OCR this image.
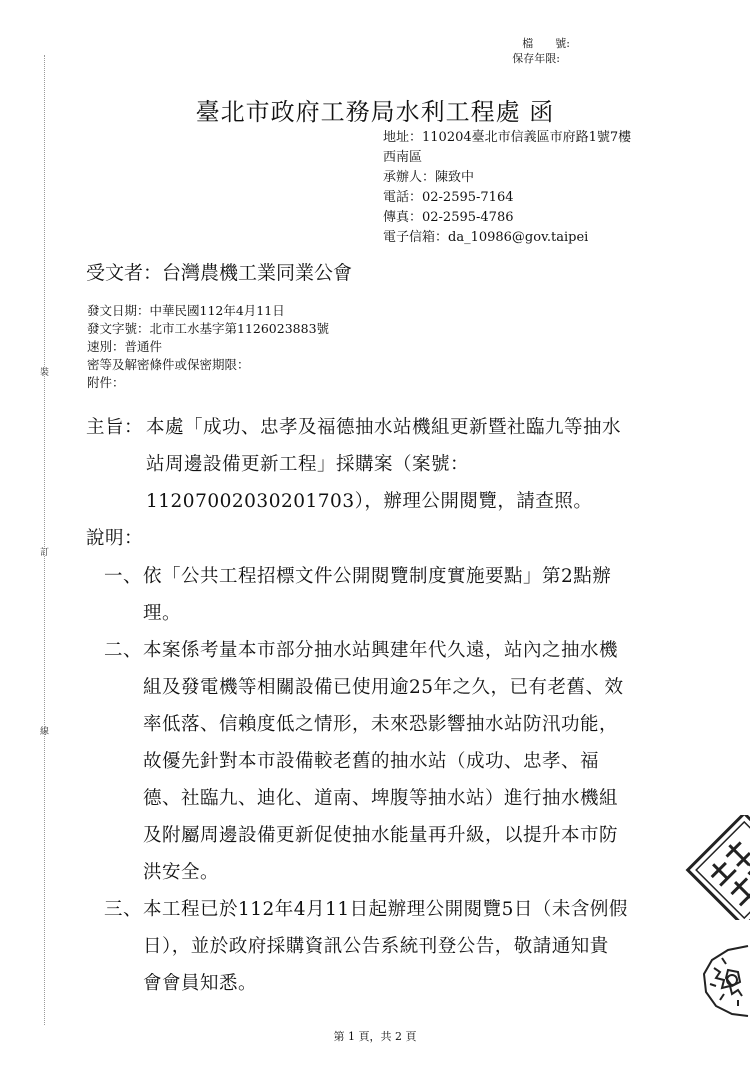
裝
訂
線
檔　　號:
保存年限:
臺北市政府工務局水利工程處 函
地址：110204臺北市信義區市府路1號7樓
西南區
承辦人：陳致中
電話：02-2595-7164
傳真：02-2595-4786
電子信箱：da_10986@gov.taipei
受文者：台灣農機工業同業公會
發文日期：中華民國112年4月11日
發文字號：北市工水基字第1126023883號
速別：普通件
密等及解密條件或保密期限：
附件：
主旨： 本處「成功、忠孝及福德抽水站機組更新暨社臨九等抽水
站周邊設備更新工程」採購案（案號：
11207002030201703），辦理公開閱覽，請查照。
說明：
一、 依「公共工程招標文件公開閱覽制度實施要點」第2點辦
理。
二、 本案係考量本市部分抽水站興建年代久遠，站內之抽水機
組及發電機等相關設備已使用逾25年之久，已有老舊、效
率低落、信賴度低之情形，未來恐影響抽水站防汛功能，
故優先針對本市設備較老舊的抽水站（成功、忠孝、福
德、社臨九、迪化、道南、埤腹等抽水站）進行抽水機組
及附屬周邊設備更新促使抽水能量再升級，以提升本市防
洪安全。
三、 本工程已於112年4月11日起辦理公開閱覽5日（未含例假
日），並於政府採購資訊公告系統刊登公告，敬請通知貴
會會員知悉。
第 1 頁，共 2 頁
